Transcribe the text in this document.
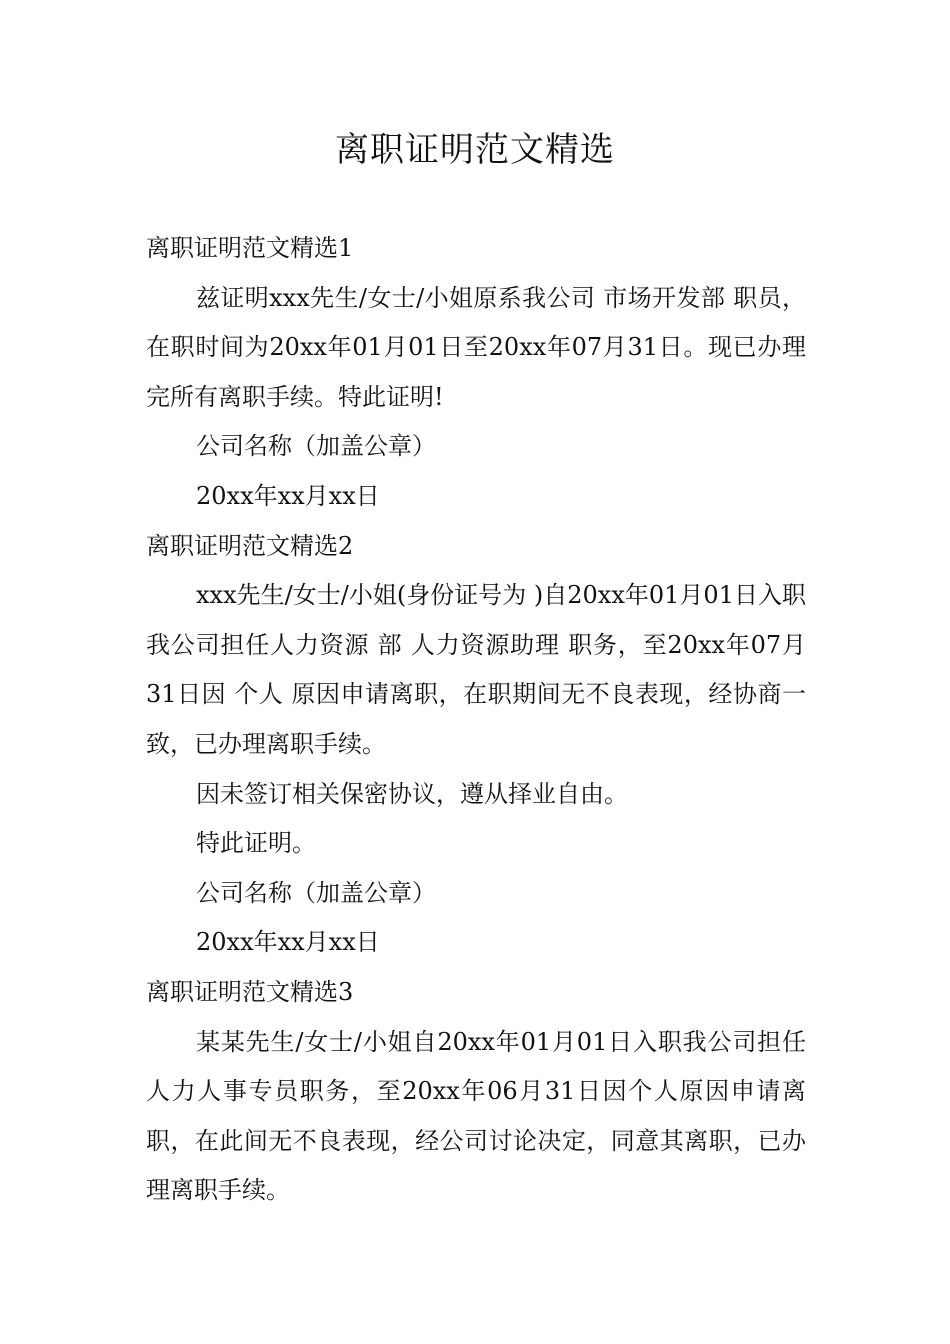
离职证明范文精选

离职证明范文精选1

兹证明xxx先生/女士/小姐原系我公司 市场开发部 职员，在职时间为20xx年01月01日至20xx年07月31日。现已办理完所有离职手续。特此证明!

公司名称（加盖公章）

20xx年xx月xx日

离职证明范文精选2

xxx先生/女士/小姐(身份证号为 )自20xx年01月01日入职我公司担任人力资源 部 人力资源助理 职务，至20xx年07月31日因 个人 原因申请离职，在职期间无不良表现，经协商一致，已办理离职手续。

因未签订相关保密协议，遵从择业自由。

特此证明。

公司名称（加盖公章）

20xx年xx月xx日

离职证明范文精选3

某某先生/女士/小姐自20xx年01月01日入职我公司担任人力人事专员职务，至20xx年06月31日因个人原因申请离职，在此间无不良表现，经公司讨论决定，同意其离职，已办理离职手续。
